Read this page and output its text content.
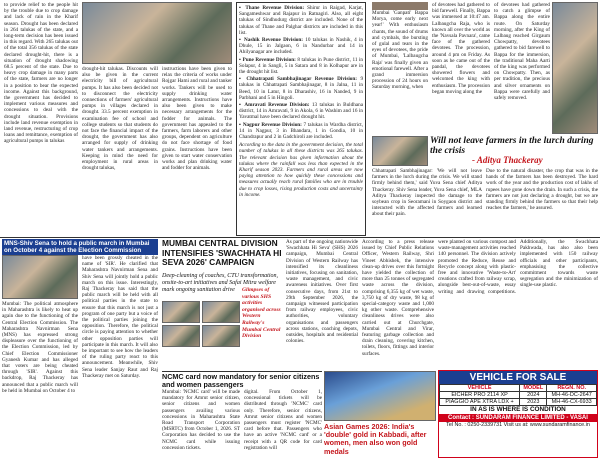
to provide relief to the people hit by the trouble due to crop damage and lack of rain in the Kharif season. Drought has been declared in 264 talukas of the state, and a long-term decision has been issued in this regard. With 265 talukas out of the total 356 talukas of the state declared drought-hit, there is a situation of drought shadowing 68.5 percent of the state. Due to heavy crop damage in many parts of the state, farmers are no longer in a position to bear the expected income. Against this background, the government has decided to implement various measures and concessions to deal with the drought situation. Provisions include land revenue exemption in land revenue, restructuring of crop loans and remittance, exemption of agricultural pumps in talukas
drought-hit talukas. Discounts will also be given in the current electricity bill of agricultural pumps. It has also been decided not to disconnect the electricity connections of farmers' agricultural pumps in villages declared in drought. 33.5 percent exemption in examination fee of school and college students so that students do not face the financial impact of the drought, the government has also arranged for supply of drinking water tankers and arrangements. Keeping in mind the need for employment in rural areas in drought talukas,
instructions have been given to relax the criteria of works under Rojgar Hami and rural and tanker works. Tankers will be used to supply drinking water arrangements. Instructions have also been given to make necessary arrangements for the fodder for animals. The government has appealed to the farmers, farm laborers and other groups, dependent on agriculture do not face shortage of food grains. Instructions have been given to start water conservation works and plan drinking water and fodder for animals.
▪ Thane Revenue Division: Shirur in Raigad, Karjat, Sangameshwar and Rajapur in Ratnagiri. Also, all eight talukas of Sindhudurg district are included. None of the talukas of Thane and Palghar districts are included in this list.
▪ Nashik Revenue Division: 10 talukas in Nashik, 4 in Dhule, 15 in Jalgaon, 6 in Nandurbar and 14 in Ahilyanagar are included.
▪ Pune Revenue Division: 8 talukas in Pune district, 11 in Solapur, 4 in Sangli, 5 in Satara and 8 in Kolhapur are in the drought hit list.
▪ Chhatrapati Sambhajinagar Revenue Division: 9 talukas in Chhatrapati Sambhajinagar, 8 in Jalna, 11 in Beed, 10 in Latur, 8 in Dharashiv, 16 in Nanded, 9 in Parbhani and 5 in Hingoli.
▪ Amravati Revenue Division: 13 talukas in Buldhana district, 14 in Amravati, 9 in Akola, 6 in Washim and 16 in Yavatmal have been declared drought hit.
▪ Nagpur Revenue Division: 7 talukas in Wardha district, 14 in Nagpur, 3 in Bhandara, 1 in Gondia, 10 in Chandrapur and 2 in Gadchiroli are included.
According to the data in the government decision, the total number of talukas in all these districts was 265 talukas. The relevant decision has given information about the talukas where the rainfall was less than expected in the Kharif season 2023. Farmers and rural areas are now paying attention to how quickly these concessions and measures actually reach rural families who are in trouble due to crop losses, rising production costs and uncertainty in income.
Mumbai 'Ganpati' Bappa Morya, come early next year!' With enthusiasm chants, the sound of drums and cymbals, the bursting of gulal and tears in the eyes of devotees, the pride of Mumbai, 'Lalbaugcha Raja' was finally given an emotional farewell. After a grand immersion procession of 24 hours on Saturday morning, when
of devotees had gathered to bid farewell. Finally, Bappa was immersed at 10:47 am. Lalbaugcha Raja, who is known all over the world as the 'Navsala Pavnara', came face of the gathered devotees. The procession, around 4 pm on Friday. As soon as he came out of the pandal, the devotees showered flowers and welcomed the king with enthusiasm. The procession began moving along the
of devotees had gathered to catch a glimpse of Bappa along the entire route. On Saturday morning, after the King of Lalbaug reached Girgaum Chowpatty, devotees gathered to bid farewell to Bappa for the immersion, the traditional Maha Aarti of the king was performed on Chowpatty. Then, as per tradition, the precious and silver ornaments on Bappa were carefully and safely removed.
Will not leave farmers in the lurch during the crisis
- Aditya Thackeray
Chhatrapati Sambhajinagar: 'We will not leave farmers in the lurch during the crisis. We will stand firmly behind them,' said Yuva Sena chief Aditya Thackeray. Shiv Sena leader, Yuva Sena chief, MLA Aditya Thackeray inspected the damage to the soybean crop in Seoramani in Soygaon district and interacted with the affected farmers and learned about their pain.
Due to the natural disaster, the crop that was in the hands of the farmers has been destroyed. The hard work of the year and the production cost of lakhs of rupees have gone down the drain. In such a crisis, the farmers are not just declaring a drought, but we are standing firmly behind the farmers so that their help reaches the farmers,' he assured.
MNS-Shiv Sena to hold a public march in Mumbai on October 4 against the Election Commission
Mumbai: The political atmosphere in Maharashtra is likely to heat up again due to the functioning of the Central Election Commission. The Maharashtra Navnirman Sena (MNS) has expressed strong displeasure over the functioning of the Election Commission, led by Chief Election Commissioner Gyanesh Kumar and has alleged that voters are being cheated through 'SIR'. Against this backdrop, Raj Thackeray has announced that a public march will be held in Mumbai on October 4 to
have been grossly cheated in the name of 'SIR'. He clarified that Maharashtra Navnirman Sena and Shiv Sena will jointly hold a public march on this issue. Interestingly, Raj Thackeray has said that the public march will be held with all political parties in the state to ensure that this march is not just a program of one party but a voice of the political parties joining the opposition. Therefore, the political circle is paying attention to whether other opposition parties will participate in this march. It will also be important to see how the leaders of the ruling party react to this announcement. Meanwhile, Shiv Sena leader Sanjay Raut and Raj Thackeray met on Saturday.
MUMBAI CENTRAL DIVISION INTENSIFIES 'SWACHHATA HI SEVA 2026' CAMPAIGN
Deep-cleaning of coaches, CTU transformation, onsite-to-art initiatives and Safai Mitra welfare mark ongoing sanitation drive	Glimpses of various SHS activities organised across Western Railway's Mumbai Central Division
As part of the ongoing nationwide 'Swachhata Hi Seva' (SHS) 2026 campaign, Mumbai Central Division of Western Railway has intensified its cleanliness initiatives, focusing on sanitation, waste management, and civic awareness initiatives. Over first consecutive days, from 21st to 29th September 2026, the campaign witnessed participation from railway employees, civic authorities, voluntary organisations and passengers across stations, coaching depots, outsides, hospitals and residential colonies.
According to a press release issued by Chief Public Relations Officer, Western Railway, Shri Vineet Abhishek, the intensive clean-up drives over this fortnight have yielded the collection of more than 25 tonnes of segregated waste across the division, comprising 6,355 kg of wet waste, 3,750 kg of dry waste, 98 kg of special-category waste and 1,000 kg other waste. Comprehensive cleanliness drives were also carried out at Churchgate, Mumbai Central and Virar, featuring garbage collection and drain cleaning, covering kitchen, toilets, floors, fittings and interior surfaces.
NCMC card now mandatory for senior citizens and women passengers
Mumbai: 'NCMC card' will be made mandatory for Amrut senior citizen, senior citizens and women passengers availing various concessions in Maharashtra State Road Transport Corporation (MSRTC) from October 1, 2026. ST Corporation has decided to use the NCMC card while issuing concession tickets.
digital. From October 1, concessional tickets will be distributed through 'NCMC' card only. Therefore, senior citizens, Amrut senior citizens and women passengers must register 'NCMC' card before that. Passengers who have an active 'NCMC card' or a receipt with a QR code for card registration will
Asian Games 2026: India's 'double' gold in Kabbadi, after women, men also won gold medals
were planted on various compost and waste-management activities reached 140 personnel. The division actively promoted the Reduce, Reuse and Recycle concept along with plastic-free and innovative 'Waste-to-Art' creations crafted from railway scrap, alongside best-out-of-waste, essay writing and drawing competitions. Additionally, the Swachhata Pakhwada, has also also been implemented with 150 railway officials and other participants, emphasising the collective commitment towards waste segregation and the minimization of single-use plastic.
VEHICLE FOR SALE
VEHICLE	MODEL	REGN. NO.
EICHER PRO 2114 XP	2024	MH-46-DC-2647
PIAGGIO APE XTRA LDX +	2023	MH-46-CX-6933
IN AS IS WHERE IS CONDITION
Contact : SUNDARAM FINANCE LIMITED - VASAI
Tel No. : 0250-2339731 Visit us at: www.sundaramfinance.in
